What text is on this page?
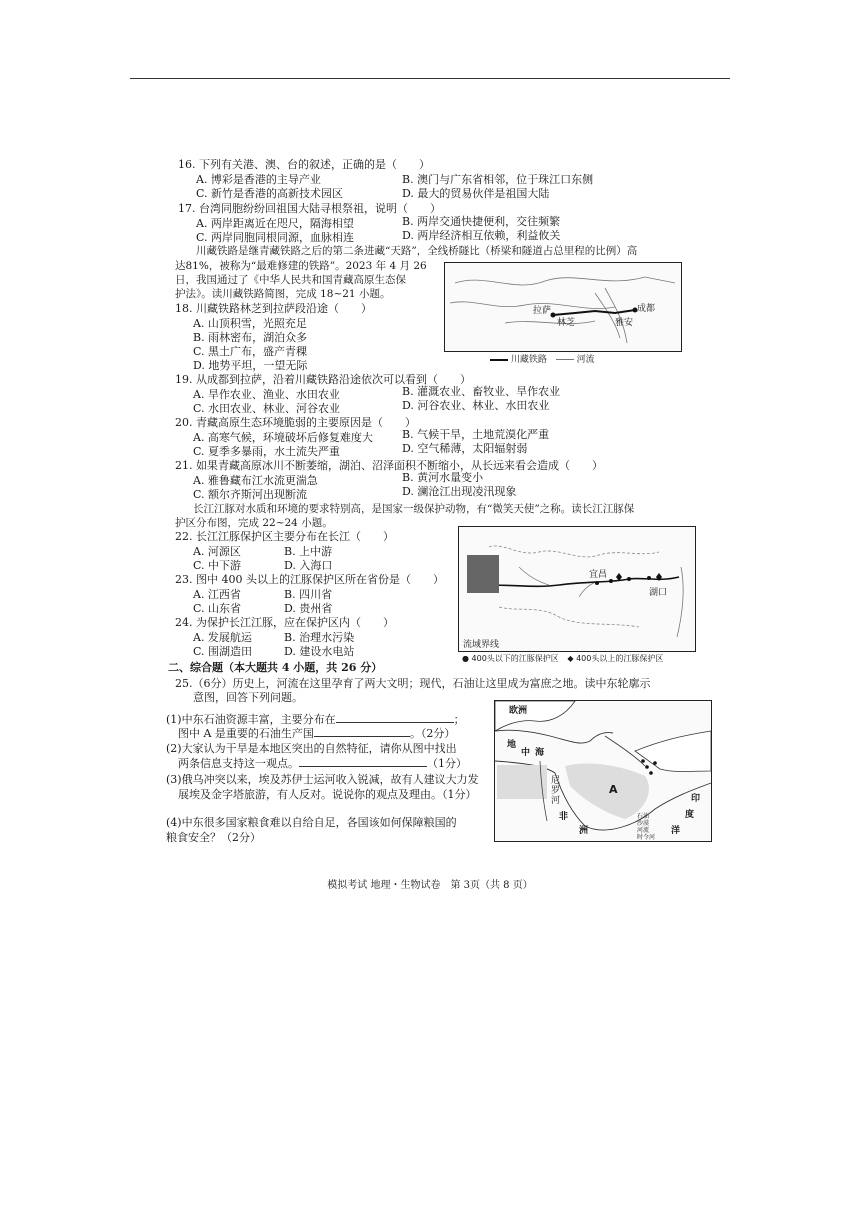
16. 下列有关港、澳、台的叙述，正确的是（　　）
A. 博彩是香港的主导产业	B. 澳门与广东省相邻，位于珠江口东侧
C. 新竹是香港的高新技术园区	D. 最大的贸易伙伴是祖国大陆
17. 台湾同胞纷纷回祖国大陆寻根祭祖，说明（　　）
A. 两岸距离近在咫尺，隔海相望	B. 两岸交通快捷便利，交往频繁
C. 两岸同胞同根同源，血脉相连	D. 两岸经济相互依赖，利益攸关
川藏铁路是继青藏铁路之后的第二条进藏“天路”，全线桥隧比（桥梁和隧道占总里程的比例）高
达81%，被称为“最难修建的铁路”。2023 年 4 月 26
日，我国通过了《中华人民共和国青藏高原生态保
护法》。读川藏铁路简图，完成 18~21 小题。
拉萨
林芝	雅安
成都
川藏铁路	河流
18. 川藏铁路林芝到拉萨段沿途（　　）
A. 山顶积雪，光照充足
B. 雨林密布，湖泊众多
C. 黑土广布，盛产青稞
D. 地势平坦，一望无际
19. 从成都到拉萨，沿着川藏铁路沿途依次可以看到（　　）
A. 旱作农业、渔业、水田农业	B. 灌溉农业、畜牧业、旱作农业
C. 水田农业、林业、河谷农业	D. 河谷农业、林业、水田农业
20. 青藏高原生态环境脆弱的主要原因是（　　）
A. 高寒气候，环境破坏后修复难度大	B. 气候干旱，土地荒漠化严重
C. 夏季多暴雨，水土流失严重	D. 空气稀薄，太阳辐射弱
21. 如果青藏高原冰川不断萎缩，湖泊、沼泽面积不断缩小，从长远来看会造成（　　）
A. 雅鲁藏布江水流更湍急	B. 黄河水量变小
C. 额尔齐斯河出现断流	D. 澜沧江出现凌汛现象
长江江豚对水质和环境的要求特别高，是国家一级保护动物，有“微笑天使”之称。读长江江豚保
护区分布图，完成 22~24 小题。
宜昌
湖口
流域界线
● 400头以下的江豚保护区 ◆ 400头以上的江豚保护区
22. 长江江豚保护区主要分布在长江（　　）
A. 河源区	B. 上中游
C. 中下游	D. 入海口
23. 图中 400 头以上的江豚保护区所在省份是（　　）
A. 江西省	B. 四川省
C. 山东省	D. 贵州省
24. 为保护长江江豚，应在保护区内（　　）
A. 发展航运	B. 治理水污染
C. 围湖造田	D. 建设水电站
二、综合题（本大题共 4 小题，共 26 分）
25.（6分）历史上，河流在这里孕育了两大文明；现代，石油让这里成为富庶之地。读中东轮廓示
意图，回答下列问题。
(1)中东石油资源丰富，主要分布在	；
图中 A 是重要的石油生产国	。（2分）
(2)大家认为干旱是本地区突出的自然特征，请你从图中找出
两条信息支持这一观点。	（1分）
(3)俄乌冲突以来，埃及苏伊士运河收入锐减，故有人建议大力发
展埃及金字塔旅游，有人反对。说说你的观点及理由。（1分）
(4)中东很多国家粮食难以自给自足，各国该如何保障粮国的
粮食安全？（2分）
欧洲
地
中 海
尼
罗
河
A
非
洲
印
度
洋
石油
沙漠
河流
时令河
模拟考试 地理・生物试卷　第 3页（共 8 页）
